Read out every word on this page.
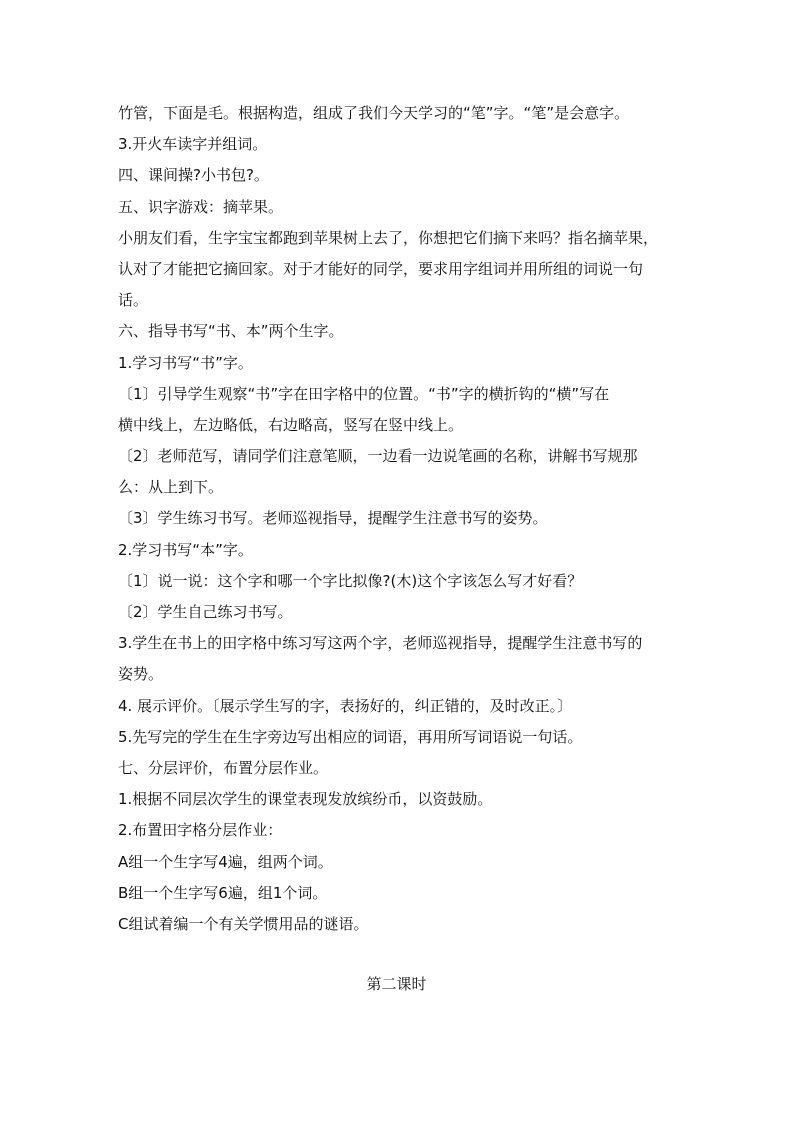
竹管，下面是毛。根据构造，组成了我们今天学习的“笔”字。“笔”是会意字。
3.开火车读字并组词。
四、课间操?小书包?。
五、识字游戏：摘苹果。
小朋友们看，生字宝宝都跑到苹果树上去了，你想把它们摘下来吗？指名摘苹果，
认对了才能把它摘回家。对于才能好的同学，要求用字组词并用所组的词说一句
话。
六、指导书写“书、本”两个生字。
1.学习书写“书”字。
〔1〕引导学生观察“书”字在田字格中的位置。“书”字的横折钩的“横”写在
横中线上，左边略低，右边略高，竖写在竖中线上。
〔2〕老师范写，请同学们注意笔顺，一边看一边说笔画的名称，讲解书写规那
么：从上到下。
〔3〕学生练习书写。老师巡视指导，提醒学生注意书写的姿势。
2.学习书写“本”字。
〔1〕说一说：这个字和哪一个字比拟像?(木)这个字该怎么写才好看？
〔2〕学生自己练习书写。
3.学生在书上的田字格中练习写这两个字，老师巡视指导，提醒学生注意书写的
姿势。
4. 展示评价。〔展示学生写的字，表扬好的，纠正错的，及时改正。〕
5.先写完的学生在生字旁边写出相应的词语，再用所写词语说一句话。
七、分层评价，布置分层作业。
1.根据不同层次学生的课堂表现发放缤纷币，以资鼓励。
2.布置田字格分层作业：
A组一个生字写4遍，组两个词。
B组一个生字写6遍，组1个词。
C组试着编一个有关学惯用品的谜语。
第二课时
